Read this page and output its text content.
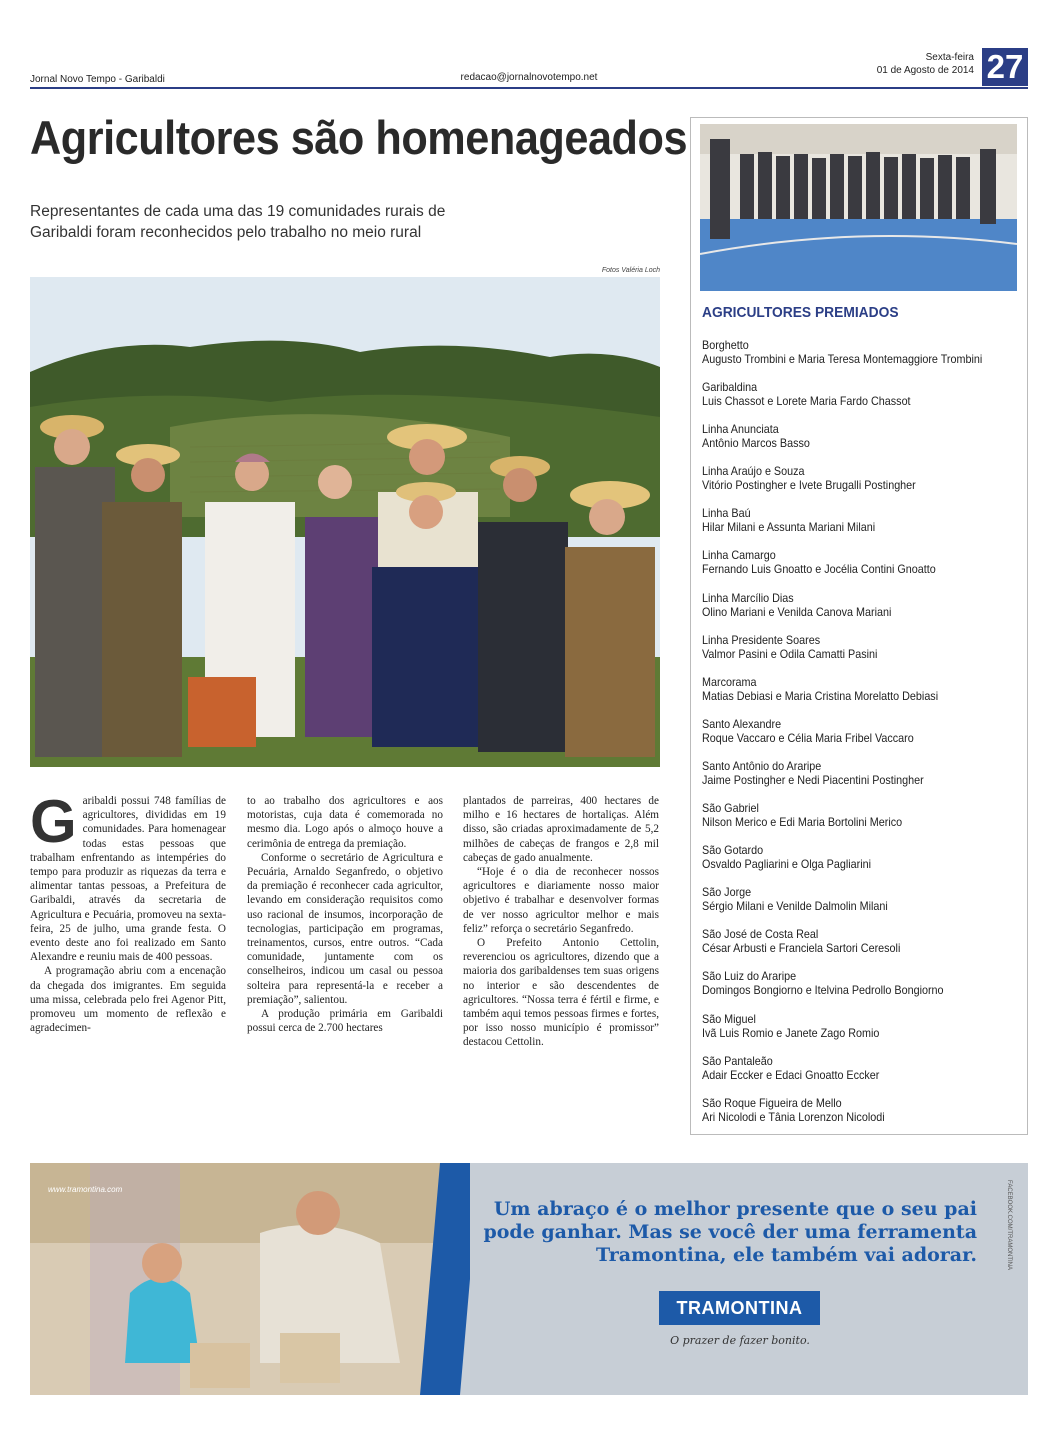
Jornal Novo Tempo - Garibaldi	redacao@jornalnovotempo.net
Sexta-feira
01 de Agosto de 2014 27
Agricultores são homenageados
Representantes de cada uma das 19 comunidades rurais de Garibaldi foram reconhecidos pelo trabalho no meio rural
Fotos Valéria Loch

Garibaldi possui 748 famílias de agricultores, divididas em 19 comunidades. Para homenagear todas estas pessoas que trabalham enfrentando as intempéries do tempo para produzir as riquezas da terra e alimentar tantas pessoas, a Prefeitura de Garibaldi, através da secretaria de Agricultura e Pecuária, promoveu na sexta-feira, 25 de julho, uma grande festa. O evento deste ano foi realizado em Santo Alexandre e reuniu mais de 400 pessoas.

A programação abriu com a encenação da chegada dos imigrantes. Em seguida uma missa, celebrada pelo frei Agenor Pitt, promoveu um momento de reflexão e agradecimen-

to ao trabalho dos agricultores e aos motoristas, cuja data é comemorada no mesmo dia. Logo após o almoço houve a cerimônia de entrega da premiação.

Conforme o secretário de Agricultura e Pecuária, Arnaldo Seganfredo, o objetivo da premiação é reconhecer cada agricultor, levando em consideração requisitos como uso racional de insumos, incorporação de tecnologias, participação em programas, treinamentos, cursos, entre outros. “Cada comunidade, juntamente com os conselheiros, indicou um casal ou pessoa solteira para representá-la e receber a premiação”, salientou.

A produção primária em Garibaldi possui cerca de 2.700 hectares

plantados de parreiras, 400 hectares de milho e 16 hectares de hortaliças. Além disso, são criadas aproximadamente de 5,2 milhões de cabeças de frangos e 2,8 mil cabeças de gado anualmente.

“Hoje é o dia de reconhecer nossos agricultores e diariamente nosso maior objetivo é trabalhar e desenvolver formas de ver nosso agricultor melhor e mais feliz” reforça o secretário Seganfredo.

O Prefeito Antonio Cettolin, reverenciou os agricultores, dizendo que a maioria dos garibaldenses tem suas origens no interior e são descendentes de agricultores. “Nossa terra é fértil e firme, e também aqui temos pessoas firmes e fortes, por isso nosso município é promissor” destacou Cettolin.

AGRICULTORES PREMIADOS
Borghetto
Augusto Trombini e Maria Teresa Montemaggiore Trombini
Garibaldina
Luis Chassot e Lorete Maria Fardo Chassot
Linha Anunciata
Antônio Marcos Basso
Linha Araújo e Souza
Vitório Postingher e Ivete Brugalli Postingher
Linha Baú
Hilar Milani e Assunta Mariani Milani
Linha Camargo
Fernando Luis Gnoatto e Jocélia Contini Gnoatto
Linha Marcílio Dias
Olino Mariani e Venilda Canova Mariani
Linha Presidente Soares
Valmor Pasini e Odila Camatti Pasini
Marcorama
Matias Debiasi e Maria Cristina Morelatto Debiasi
Santo Alexandre
Roque Vaccaro e Célia Maria Fribel Vaccaro
Santo Antônio do Araripe
Jaime Postingher e Nedi Piacentini Postingher
São Gabriel
Nilson Merico e Edi Maria Bortolini Merico
São Gotardo
Osvaldo Pagliarini e Olga Pagliarini
São Jorge
Sérgio Milani e Venilde Dalmolin Milani
São José de Costa Real
César Arbusti e Franciela Sartori Ceresoli
São Luiz do Araripe
Domingos Bongiorno e Itelvina Pedrollo Bongiorno
São Miguel
Ivã Luis Romio e Janete Zago Romio
São Pantaleão
Adair Eccker e Edaci Gnoatto Eccker
São Roque Figueira de Mello
Ari Nicolodi e Tânia Lorenzon Nicolodi
www.tramontina.com	FACEBOOK.COM/TRAMONTINA
Um abraço é o melhor presente que o seu pai
pode ganhar. Mas se você der uma ferramenta
Tramontina, ele também vai adorar.
TRAMONTINA
O prazer de fazer bonito.
